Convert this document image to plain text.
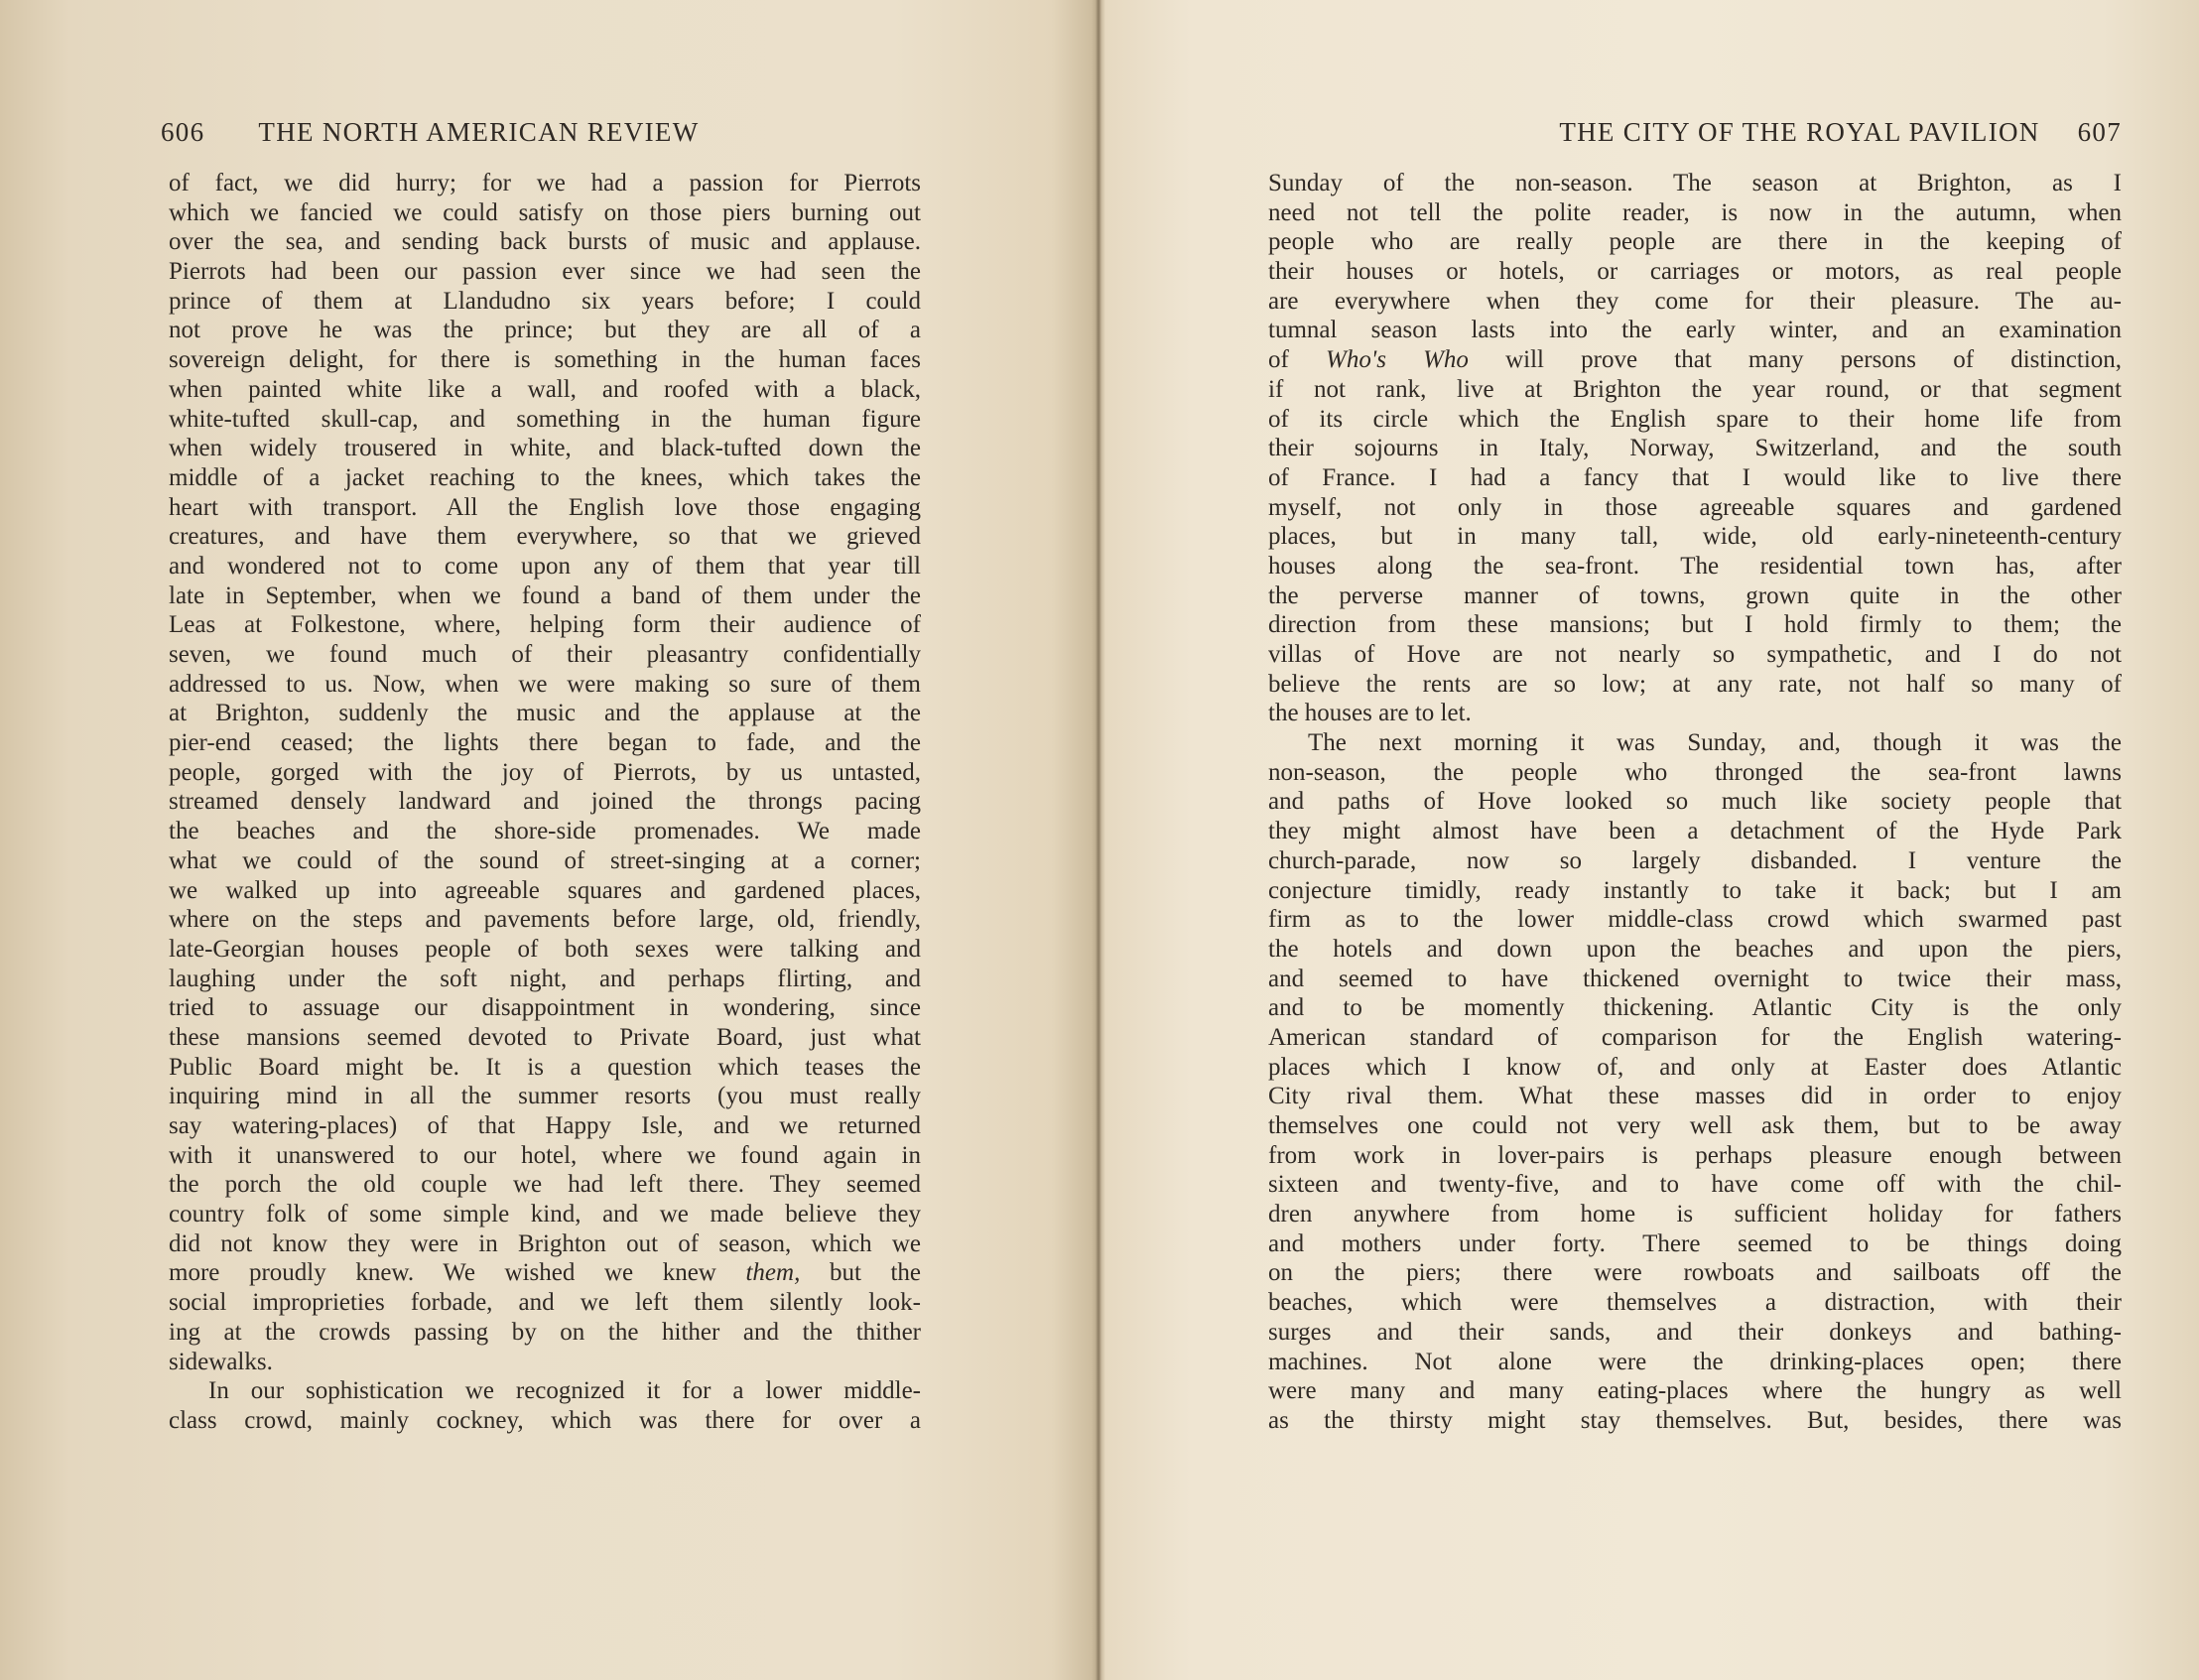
606 THE NORTH AMERICAN REVIEW
of fact, we did hurry; for we had a passion for Pierrots
which we fancied we could satisfy on those piers burning out
over the sea, and sending back bursts of music and applause.
Pierrots had been our passion ever since we had seen the
prince of them at Llandudno six years before; I could
not prove he was the prince; but they are all of a
sovereign delight, for there is something in the human faces
when painted white like a wall, and roofed with a black,
white-tufted skull-cap, and something in the human figure
when widely trousered in white, and black-tufted down the
middle of a jacket reaching to the knees, which takes the
heart with transport. All the English love those engaging
creatures, and have them everywhere, so that we grieved
and wondered not to come upon any of them that year till
late in September, when we found a band of them under the
Leas at Folkestone, where, helping form their audience of
seven, we found much of their pleasantry confidentially
addressed to us. Now, when we were making so sure of them
at Brighton, suddenly the music and the applause at the
pier-end ceased; the lights there began to fade, and the
people, gorged with the joy of Pierrots, by us untasted,
streamed densely landward and joined the throngs pacing
the beaches and the shore-side promenades. We made
what we could of the sound of street-singing at a corner;
we walked up into agreeable squares and gardened places,
where on the steps and pavements before large, old, friendly,
late-Georgian houses people of both sexes were talking and
laughing under the soft night, and perhaps flirting, and
tried to assuage our disappointment in wondering, since
these mansions seemed devoted to Private Board, just what
Public Board might be. It is a question which teases the
inquiring mind in all the summer resorts (you must really
say watering-places) of that Happy Isle, and we returned
with it unanswered to our hotel, where we found again in
the porch the old couple we had left there. They seemed
country folk of some simple kind, and we made believe they
did not know they were in Brighton out of season, which we
more proudly knew. We wished we knew them, but the
social improprieties forbade, and we left them silently look-
ing at the crowds passing by on the hither and the thither
sidewalks.
In our sophistication we recognized it for a lower middle-
class crowd, mainly cockney, which was there for over a
THE CITY OF THE ROYAL PAVILION 607
Sunday of the non-season. The season at Brighton, as I
need not tell the polite reader, is now in the autumn, when
people who are really people are there in the keeping of
their houses or hotels, or carriages or motors, as real people
are everywhere when they come for their pleasure. The au-
tumnal season lasts into the early winter, and an examination
of Who's Who will prove that many persons of distinction,
if not rank, live at Brighton the year round, or that segment
of its circle which the English spare to their home life from
their sojourns in Italy, Norway, Switzerland, and the south
of France. I had a fancy that I would like to live there
myself, not only in those agreeable squares and gardened
places, but in many tall, wide, old early-nineteenth-century
houses along the sea-front. The residential town has, after
the perverse manner of towns, grown quite in the other
direction from these mansions; but I hold firmly to them; the
villas of Hove are not nearly so sympathetic, and I do not
believe the rents are so low; at any rate, not half so many of
the houses are to let.
The next morning it was Sunday, and, though it was the
non-season, the people who thronged the sea-front lawns
and paths of Hove looked so much like society people that
they might almost have been a detachment of the Hyde Park
church-parade, now so largely disbanded. I venture the
conjecture timidly, ready instantly to take it back; but I am
firm as to the lower middle-class crowd which swarmed past
the hotels and down upon the beaches and upon the piers,
and seemed to have thickened overnight to twice their mass,
and to be momently thickening. Atlantic City is the only
American standard of comparison for the English watering-
places which I know of, and only at Easter does Atlantic
City rival them. What these masses did in order to enjoy
themselves one could not very well ask them, but to be away
from work in lover-pairs is perhaps pleasure enough between
sixteen and twenty-five, and to have come off with the chil-
dren anywhere from home is sufficient holiday for fathers
and mothers under forty. There seemed to be things doing
on the piers; there were rowboats and sailboats off the
beaches, which were themselves a distraction, with their
surges and their sands, and their donkeys and bathing-
machines. Not alone were the drinking-places open; there
were many and many eating-places where the hungry as well
as the thirsty might stay themselves. But, besides, there was
